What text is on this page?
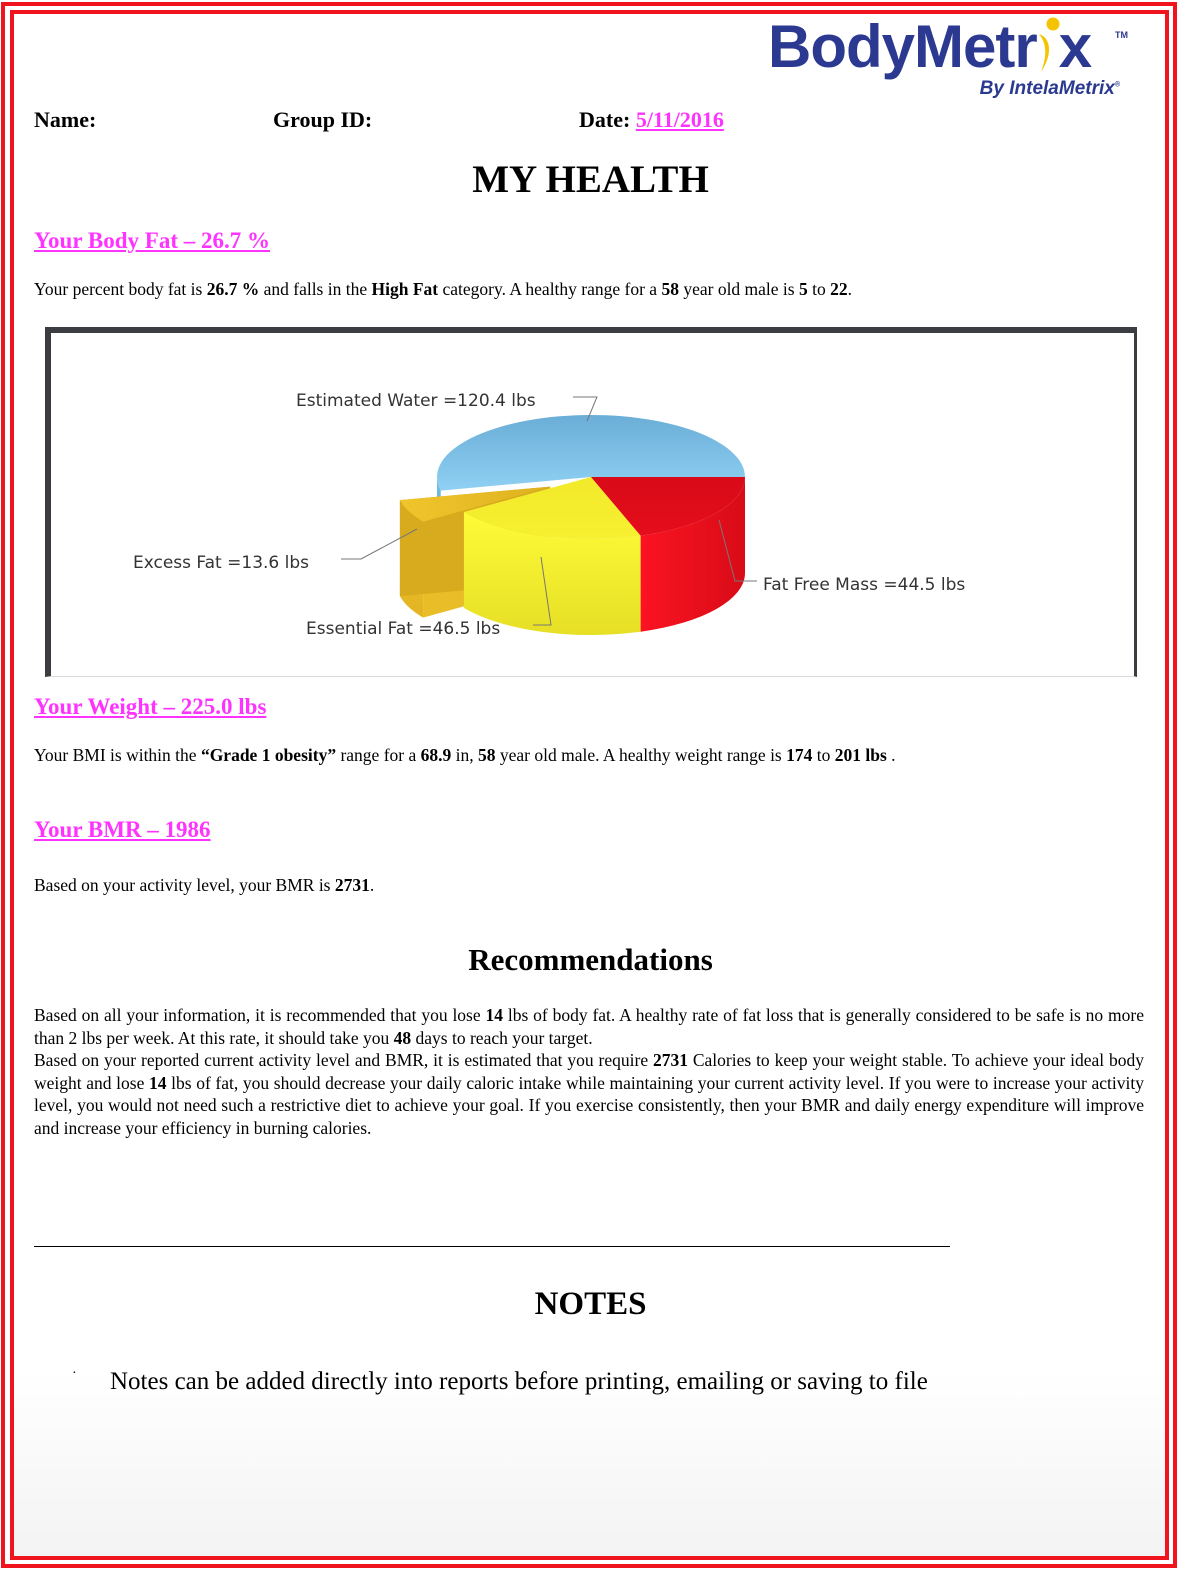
BodyMetr x	TM
By IntelaMetrix®
Name:	Group ID:	Date: 5/11/2016
MY HEALTH
Your Body Fat – 26.7 %
Your percent body fat is 26.7 % and falls in the High Fat category. A healthy range for a 58 year old male is 5 to 22.
Estimated Water =120.4 lbs
Fat Free Mass =44.5 lbs
Essential Fat =46.5 lbs
Excess Fat =13.6 lbs
Your Weight – 225.0 lbs
Your BMI is within the “Grade 1 obesity” range for a 68.9 in, 58 year old male. A healthy weight range is 174 to 201 lbs .
Your BMR – 1986
Based on your activity level, your BMR is 2731.
Recommendations
Based on all your information, it is recommended that you lose 14 lbs of body fat. A healthy rate of fat loss that is generally considered to be safe is no more than 2 lbs per week. At this rate, it should take you 48 days to reach your target.
Based on your reported current activity level and BMR, it is estimated that you require 2731 Calories to keep your weight stable. To achieve your ideal body weight and lose 14 lbs of fat, you should decrease your daily caloric intake while maintaining your current activity level. If you were to increase your activity level, you would not need such a restrictive diet to achieve your goal. If you exercise consistently, then your BMR and daily energy expenditure will improve and increase your efficiency in burning calories.
NOTES
· Notes can be added directly into reports before printing, emailing or saving to file
